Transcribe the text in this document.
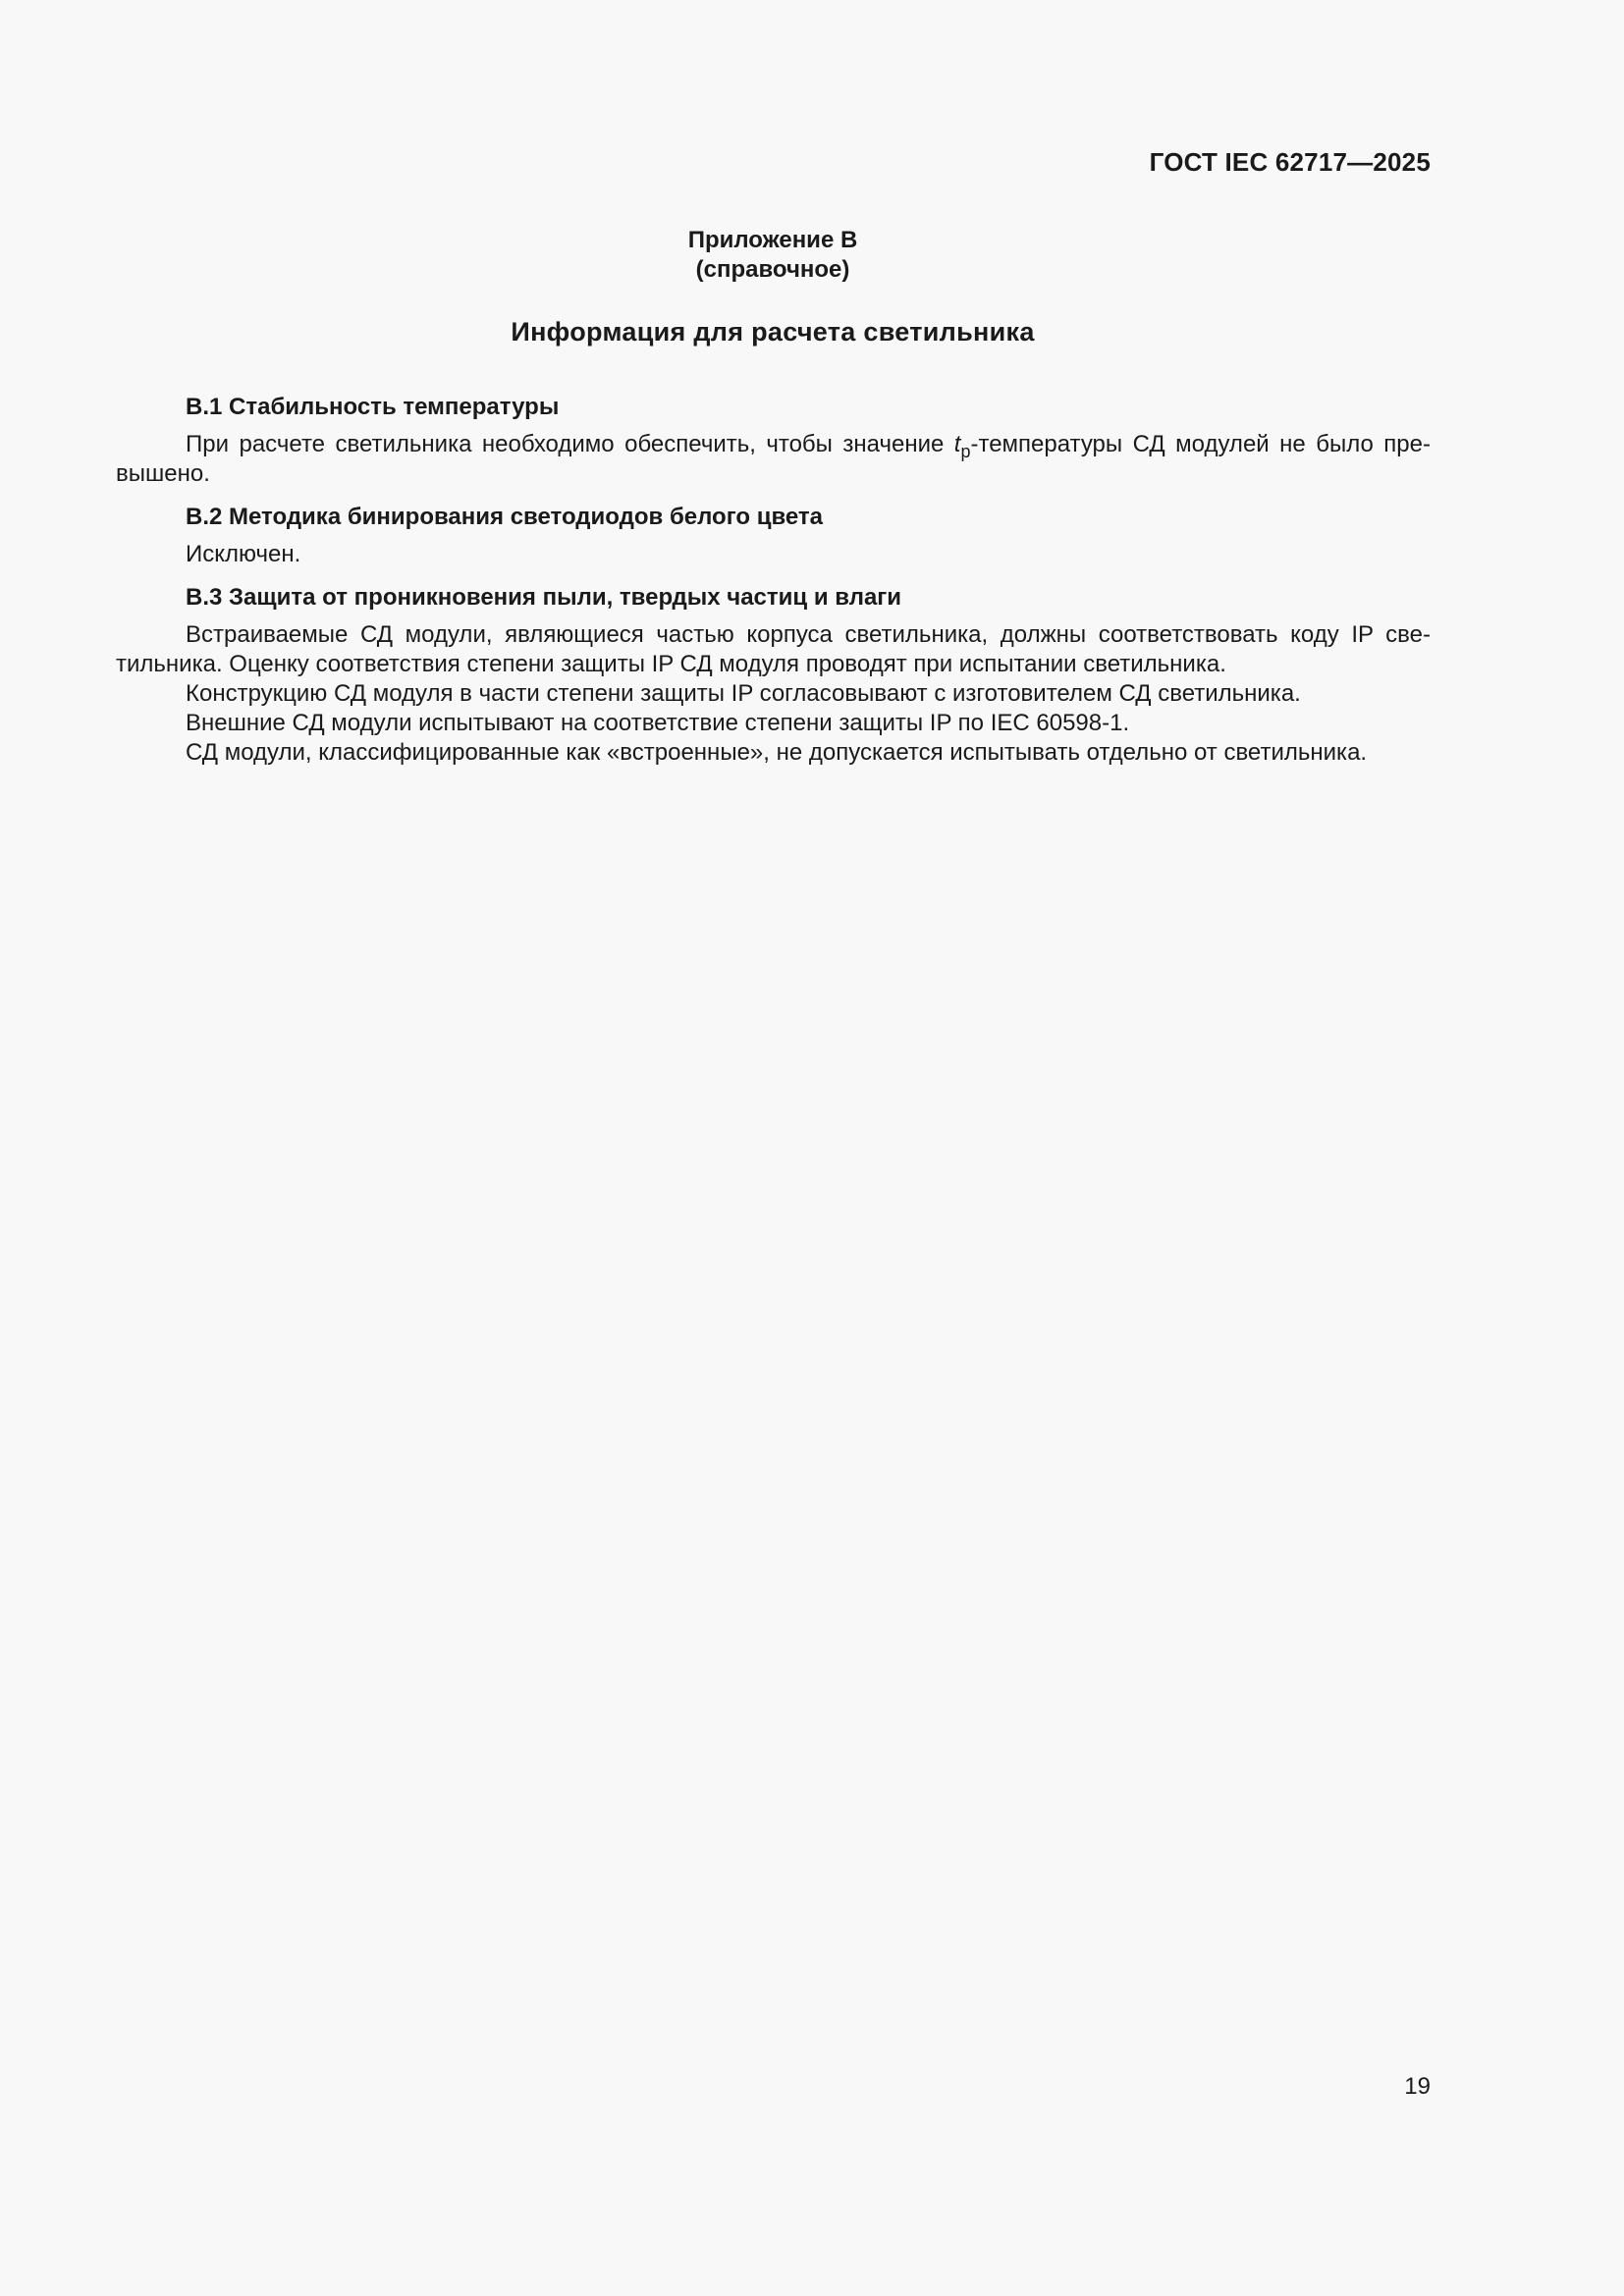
ГОСТ IEC 62717—2025
Приложение В
(справочное)
Информация для расчета светильника

В.1 Стабильность температуры

При расчете светильника необходимо обеспечить, чтобы значение $t_p$-температуры СД модулей не было пре-вышено.

В.2 Методика бинирования светодиодов белого цвета

Исключен.

В.3 Защита от проникновения пыли, твердых частиц и влаги

Встраиваемые СД модули, являющиеся частью корпуса светильника, должны соответствовать коду IP све-тильника. Оценку соответствия степени защиты IP СД модуля проводят при испытании светильника.

Конструкцию СД модуля в части степени защиты IP согласовывают с изготовителем СД светильника.

Внешние СД модули испытывают на соответствие степени защиты IP по IEC 60598-1.

СД модули, классифицированные как «встроенные», не допускается испытывать отдельно от светильника.

19
